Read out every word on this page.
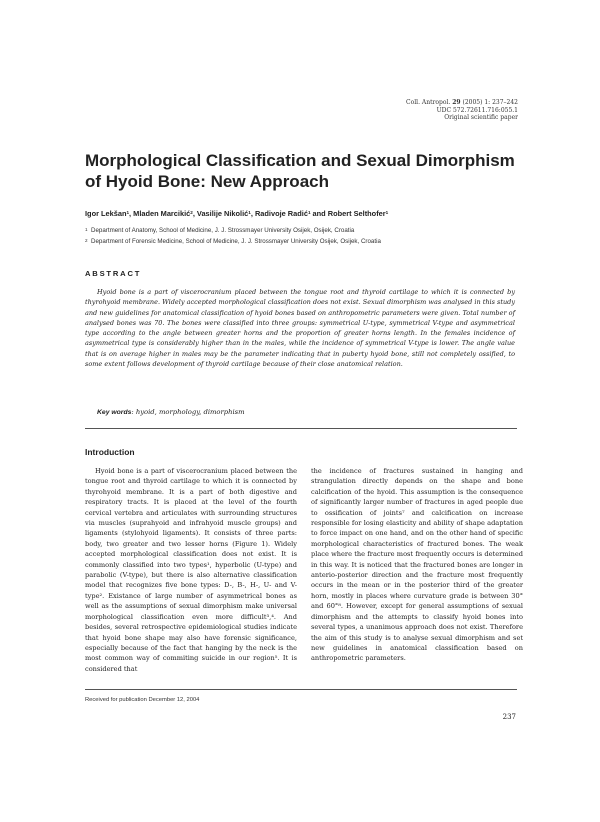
Coll. Antropol. 29 (2005) 1: 237–242
UDC 572.72611.716:055.1
Original scientific paper
Morphological Classification and Sexual Dimorphism of Hyoid Bone: New Approach
Igor Lekšan$^1$, Mladen Marcikić$^2$, Vasilije Nikolić$^1$, Radivoje Radić$^1$ and Robert Selthofer$^1$
$^1$ Department of Anatomy, School of Medicine, J. J. Strossmayer University Osijek, Osijek, Croatia
$^2$ Department of Forensic Medicine, School of Medicine, J. J. Strossmayer University Osijek, Osijek, Croatia
ABSTRACT
Hyoid bone is a part of viscerocranium placed between the tongue root and thyroid cartilage to which it is connected by thyrohyoid membrane. Widely accepted morphological classification does not exist. Sexual dimorphism was analysed in this study and new guidelines for anatomical classification of hyoid bones based on anthropometric parameters were given. Total number of analysed bones was 70. The bones were classified into three groups: symmetrical U-type, symmetrical V-type and asymmetrical type according to the angle between greater horns and the proportion of greater horns length. In the females incidence of asymmetrical type is considerably higher than in the males, while the incidence of symmetrical V-type is lower. The angle value that is on average higher in males may be the parameter indicating that in puberty hyoid bone, still not completely ossified, to some extent follows development of thyroid cartilage because of their close anatomical relation.
Key words: hyoid, morphology, dimorphism
Introduction
Hyoid bone is a part of viscerocranium placed between the tongue root and thyroid cartilage to which it is connected by thyrohyoid membrane. It is a part of both digestive and respiratory tracts. It is placed at the level of the fourth cervical vertebra and articulates with surrounding structures via muscles (suprahyoid and infrahyoid muscle groups) and ligaments (stylohyoid ligaments). It consists of three parts: body, two greater and two lesser horns (Figure 1). Widely accepted morphological classification does not exist. It is commonly classified into two types¹, hyperbolic (U-type) and parabolic (V-type), but there is also alternative classification model that recognizes five bone types: D-, B-, H-, U- and V-type². Existance of large number of asymmetrical bones as well as the assumptions of sexual dimorphism make universal morphological classification even more difficult³,⁴. And besides, several retrospective epidemiological studies indicate that hyoid bone shape may also have forensic significance, especially because of the fact that hanging by the neck is the most common way of commiting suicide in our region⁵. It is considered that
the incidence of fractures sustained in hanging and strangulation directly depends on the shape and bone calcification of the hyoid. This assumption is the consequence of significantly larger number of fractures in aged people due to ossification of joints⁷ and calcification on increase responsible for losing elasticity and ability of shape adaptation to force impact on one hand, and on the other hand of specific morphological characteristics of fractured bones. The weak place where the fracture most frequently occurs is determined in this way. It is noticed that the fractured bones are longer in anterio-posterior direction and the fracture most frequently occurs in the mean or in the posterior third of the greater horn, mostly in places where curvature grade is between 30° and 60°⁸. However, except for general assumptions of sexual dimorphism and the attempts to classify hyoid bones into several types, a unanimous approach does not exist. Therefore the aim of this study is to analyse sexual dimorphism and set new guidelines in anatomical classification based on anthropometric parameters.
Received for publication December 12, 2004
237
